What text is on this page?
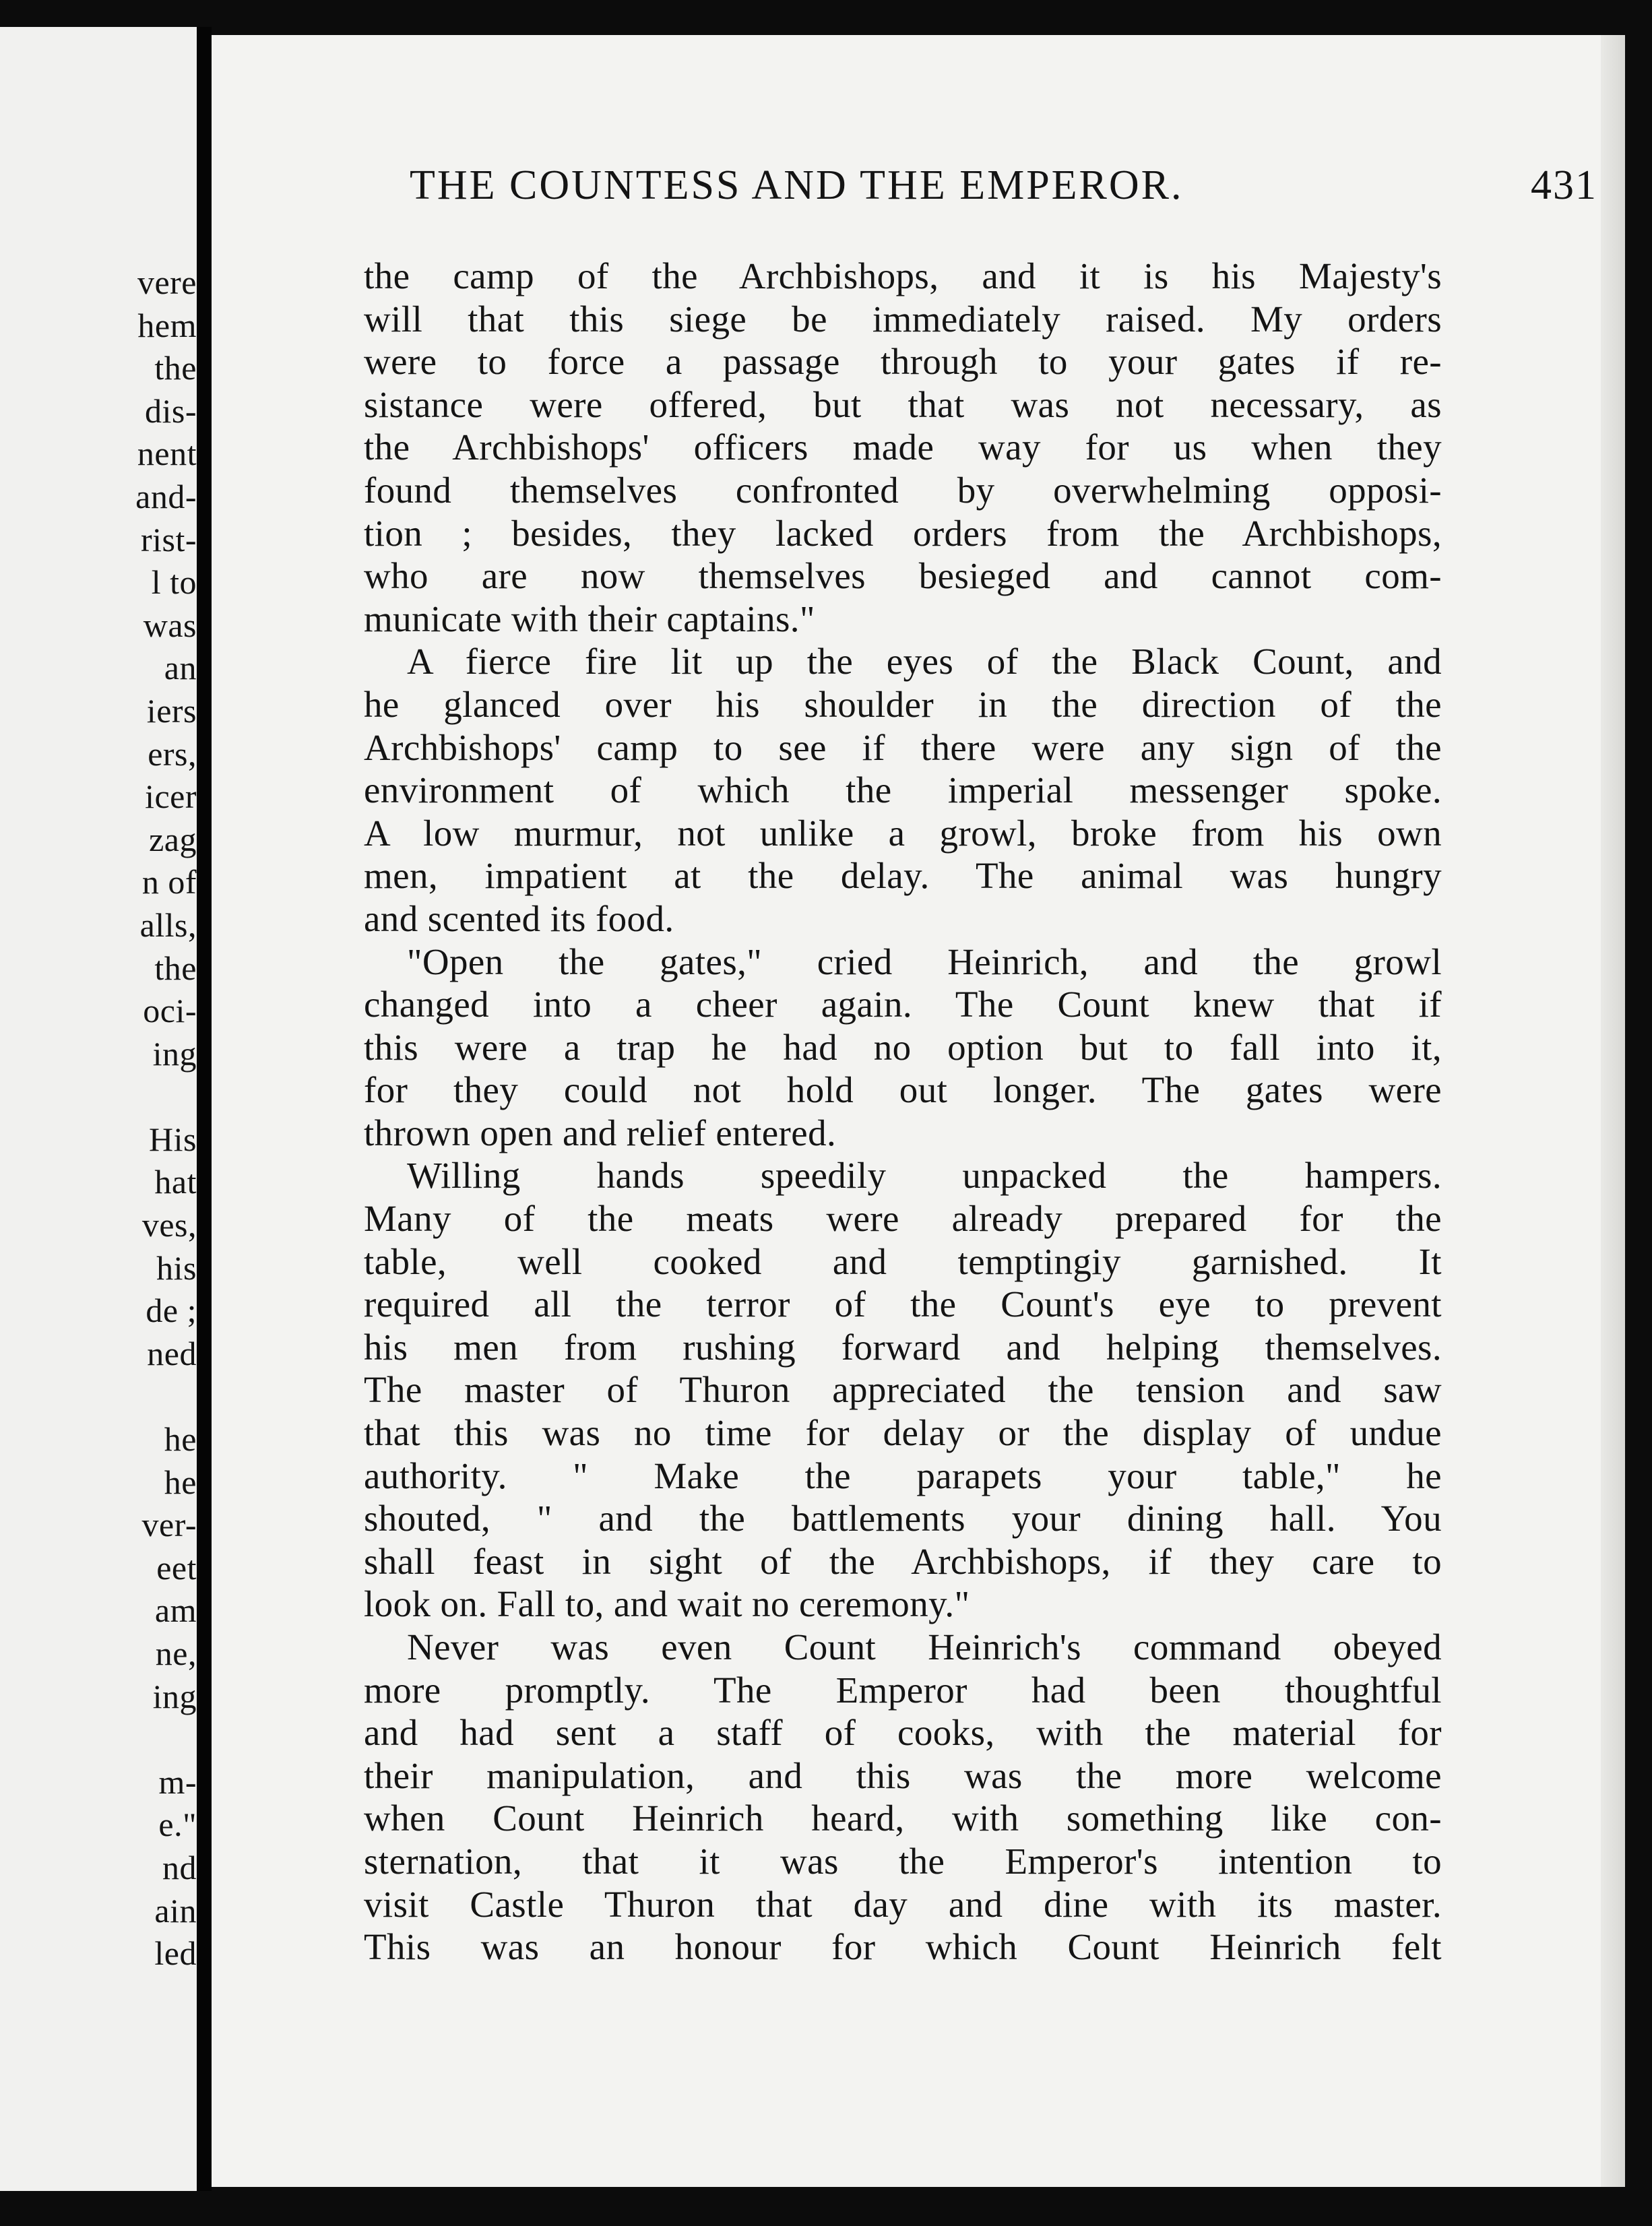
vere
hem
the
dis-
nent
and-
rist-
l to
was
an
iers
ers,
icer
zag
n of
alls,
the
oci-
ing
His
hat
ves,
his
de ;
ned
he
he
ver-
eet
am
ne,
ing
m-
e."
nd
ain
led
THE COUNTESS AND THE EMPEROR.	431
the camp of the Archbishops, and it is his Majesty's
will that this siege be immediately raised. My orders
were to force a passage through to your gates if re-
sistance were offered, but that was not necessary, as
the Archbishops' officers made way for us when they
found themselves confronted by overwhelming opposi-
tion ; besides, they lacked orders from the Archbishops,
who are now themselves besieged and cannot com-
municate with their captains."
A fierce fire lit up the eyes of the Black Count, and
he glanced over his shoulder in the direction of the
Archbishops' camp to see if there were any sign of the
environment of which the imperial messenger spoke.
A low murmur, not unlike a growl, broke from his own
men, impatient at the delay. The animal was hungry
and scented its food.
"Open the gates," cried Heinrich, and the growl
changed into a cheer again. The Count knew that if
this were a trap he had no option but to fall into it,
for they could not hold out longer. The gates were
thrown open and relief entered.
Willing hands speedily unpacked the hampers.
Many of the meats were already prepared for the
table, well cooked and temptingiy garnished. It
required all the terror of the Count's eye to prevent
his men from rushing forward and helping themselves.
The master of Thuron appreciated the tension and saw
that this was no time for delay or the display of undue
authority. " Make the parapets your table," he
shouted, " and the battlements your dining hall. You
shall feast in sight of the Archbishops, if they care to
look on. Fall to, and wait no ceremony."
Never was even Count Heinrich's command obeyed
more promptly. The Emperor had been thoughtful
and had sent a staff of cooks, with the material for
their manipulation, and this was the more welcome
when Count Heinrich heard, with something like con-
sternation, that it was the Emperor's intention to
visit Castle Thuron that day and dine with its master.
This was an honour for which Count Heinrich felt
